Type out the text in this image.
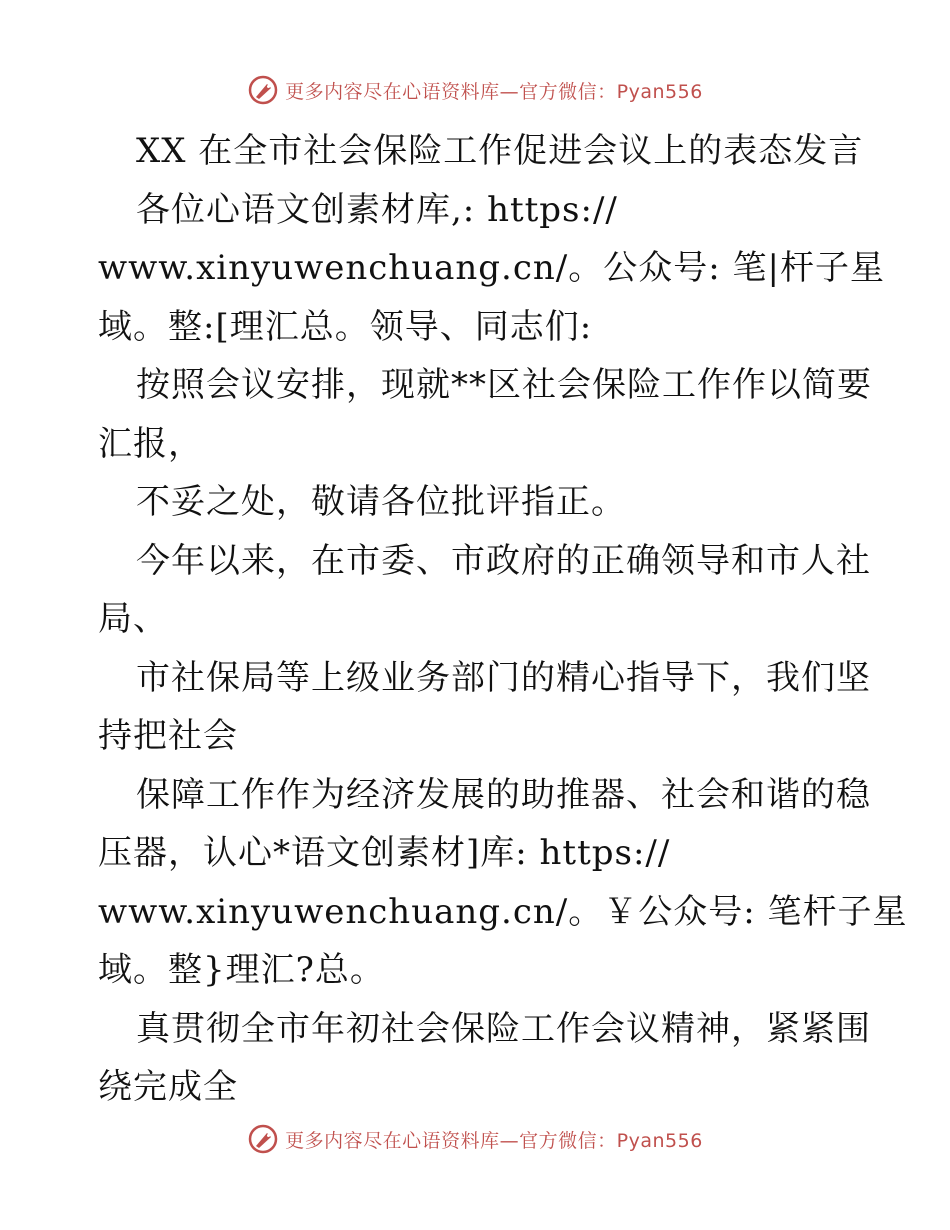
更多内容尽在心语资料库—官方微信：Pyan556
XX 在全市社会保险工作促进会议上的表态发言
各位心语文创素材库,: https://
www.xinyuwenchuang.cn/。公众号: 笔|杆子星
域。整:[理汇总。领导、同志们:
按照会议安排，现就**区社会保险工作作以简要
汇报，
不妥之处，敬请各位批评指正。
今年以来，在市委、市政府的正确领导和市人社
局、
市社保局等上级业务部门的精心指导下，我们坚
持把社会
保障工作作为经济发展的助推器、社会和谐的稳
压器，认心*语文创素材]库: https://
www.xinyuwenchuang.cn/。￥公众号: 笔杆子星
域。整}理汇?总。
真贯彻全市年初社会保险工作会议精神，紧紧围
绕完成全
更多内容尽在心语资料库—官方微信：Pyan556
